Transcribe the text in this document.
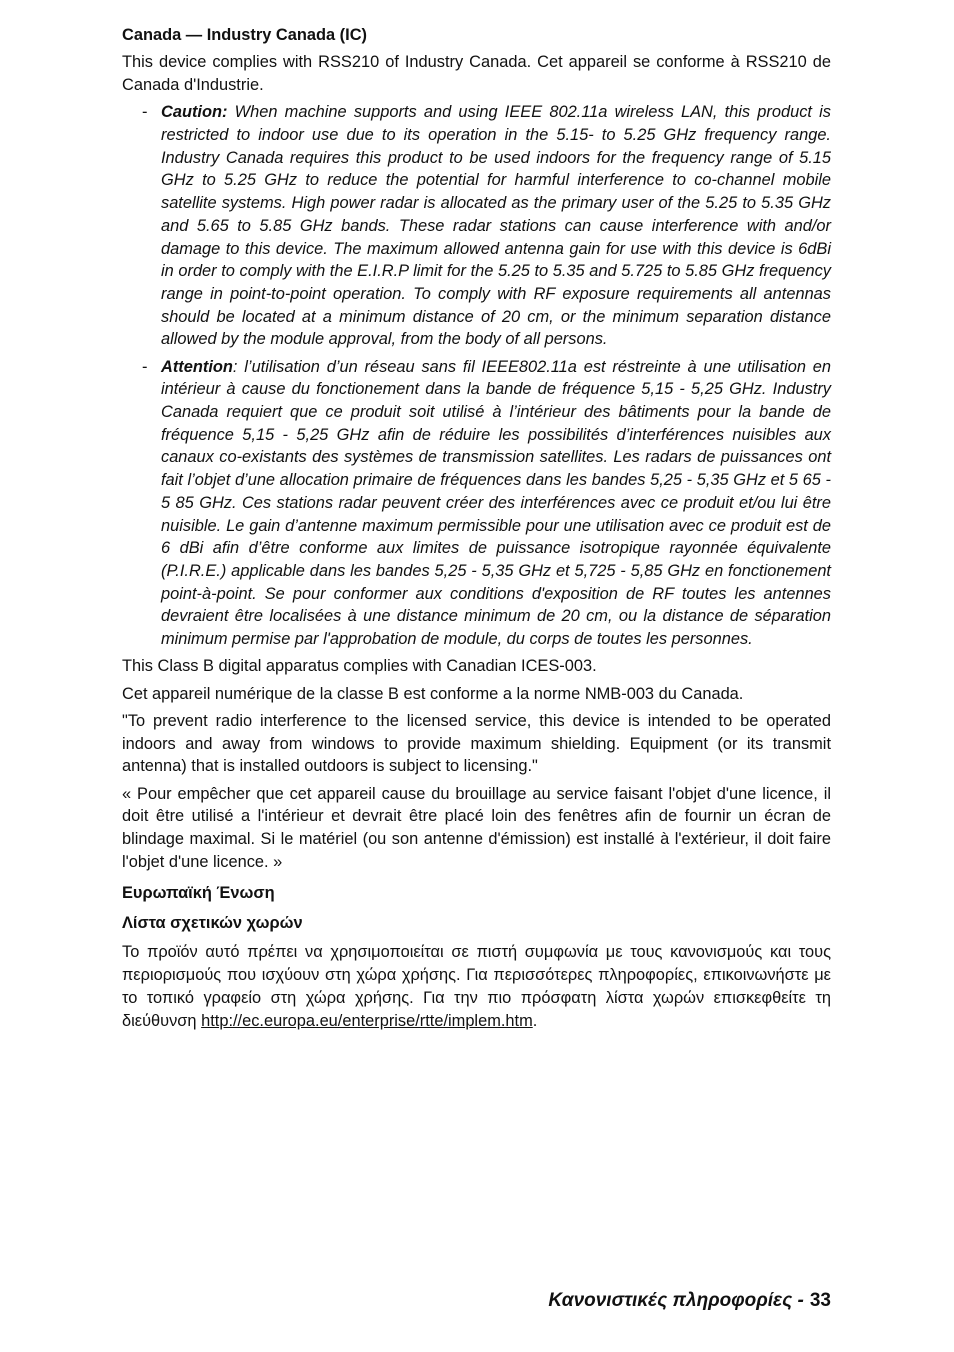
Canada — Industry Canada (IC)

This device complies with RSS210 of Industry Canada. Cet appareil se conforme à RSS210 de Canada d'Industrie.

- Caution: When machine supports and using IEEE 802.11a wireless LAN, this product is restricted to indoor use due to its operation in the 5.15- to 5.25 GHz frequency range. Industry Canada requires this product to be used indoors for the frequency range of 5.15 GHz to 5.25 GHz to reduce the potential for harmful interference to co-channel mobile satellite systems. High power radar is allocated as the primary user of the 5.25 to 5.35 GHz and 5.65 to 5.85 GHz bands. These radar stations can cause interference with and/or damage to this device. The maximum allowed antenna gain for use with this device is 6dBi in order to comply with the E.I.R.P limit for the 5.25 to 5.35 and 5.725 to 5.85 GHz frequency range in point-to-point operation. To comply with RF exposure requirements all antennas should be located at a minimum distance of 20 cm, or the minimum separation distance allowed by the module approval, from the body of all persons.
- Attention: l’utilisation d’un réseau sans fil IEEE802.11a est réstreinte à une utilisation en intérieur à cause du fonctionement dans la bande de fréquence 5,15 - 5,25 GHz. Industry Canada requiert que ce produit soit utilisé à l’intérieur des bâtiments pour la bande de fréquence 5,15 - 5,25 GHz afin de réduire les possibilités d’interférences nuisibles aux canaux co-existants des systèmes de transmission satellites. Les radars de puissances ont fait l’objet d’une allocation primaire de fréquences dans les bandes 5,25 - 5,35 GHz et 5 65 - 5 85 GHz. Ces stations radar peuvent créer des interférences avec ce produit et/ou lui être nuisible. Le gain d’antenne maximum permissible pour une utilisation avec ce produit est de 6 dBi afin d’être conforme aux limites de puissance isotropique rayonnée équivalente (P.I.R.E.) applicable dans les bandes 5,25 - 5,35 GHz et 5,725 - 5,85 GHz en fonctionement point-à-point. Se pour conformer aux conditions d'exposition de RF toutes les antennes devraient être localisées à une distance minimum de 20 cm, ou la distance de séparation minimum permise par l'approbation de module, du corps de toutes les personnes.

This Class B digital apparatus complies with Canadian ICES-003.

Cet appareil numérique de la classe B est conforme a la norme NMB-003 du Canada.

"To prevent radio interference to the licensed service, this device is intended to be operated indoors and away from windows to provide maximum shielding. Equipment (or its transmit antenna) that is installed outdoors is subject to licensing."

« Pour empêcher que cet appareil cause du brouillage au service faisant l'objet d'une licence, il doit être utilisé a l'intérieur et devrait être placé loin des fenêtres afin de fournir un écran de blindage maximal. Si le matériel (ou son antenne d'émission) est installé à l'extérieur, il doit faire l'objet d'une licence. »

Ευρωπαϊκή Ένωση
Λίστα σχετικών χωρών

Το προϊόν αυτό πρέπει να χρησιμοποιείται σε πιστή συμφωνία με τους κανονισμούς και τους περιορισμούς που ισχύουν στη χώρα χρήσης. Για περισσότερες πληροφορίες, επικοινωνήστε με το τοπικό γραφείο στη χώρα χρήσης. Για την πιο πρόσφατη λίστα χωρών επισκεφθείτε τη διεύθυνση http://ec.europa.eu/enterprise/rtte/implem.htm.

Κανονιστικές πληροφορίες - 33
